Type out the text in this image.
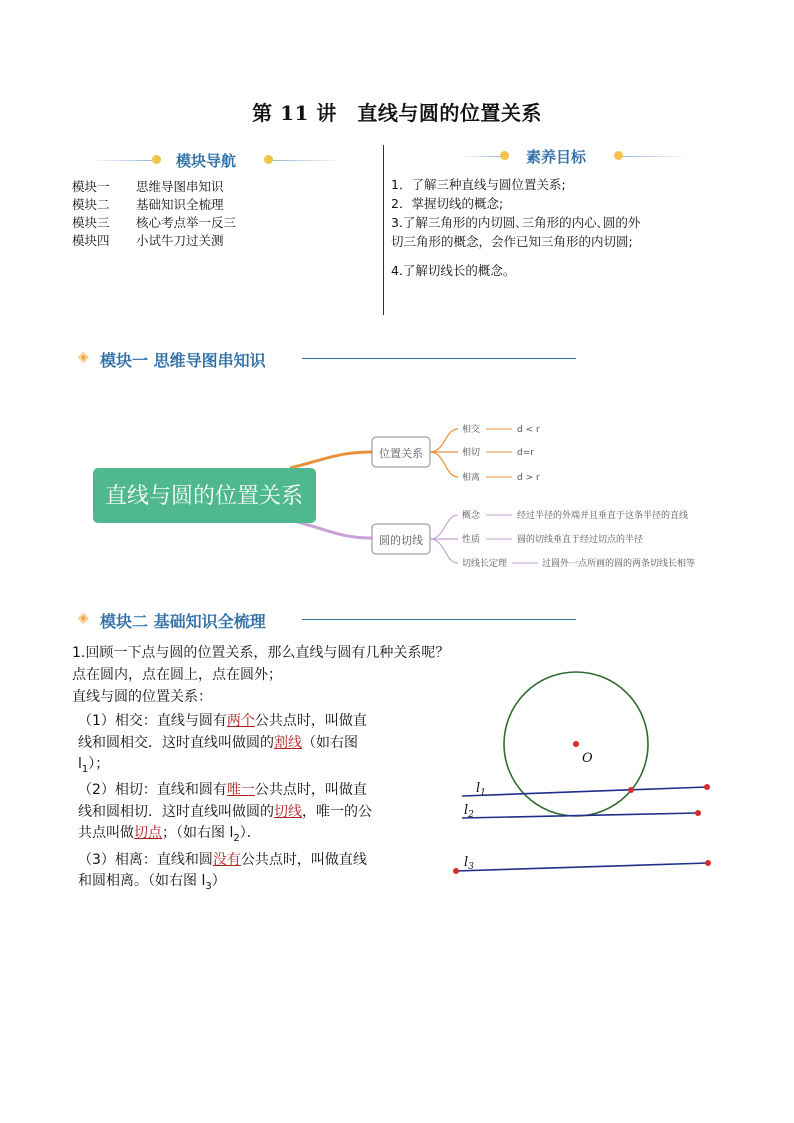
第 11 讲　直线与圆的位置关系
模块导航
模块一	思维导图串知识
模块二	基础知识全梳理
模块三	核心考点举一反三
模块四	小试牛刀过关测
素养目标

1．了解三种直线与圆位置关系;

2．掌握切线的概念;

3.了解三角形的内切圆､三角形的内心､圆的外切三角形的概念，会作已知三角形的内切圆;

4.了解切线长的概念。

◈ 模块一 思维导图串知识
直线与圆的位置关系
位置关系
相交	d < r
相切	d=r
相离	d > r
圆的切线
概念	经过半径的外端并且垂直于这条半径的直线
性质	圆的切线垂直于经过切点的半径
切线长定理	过圆外一点所画的圆的两条切线长相等
◈ 模块二 基础知识全梳理

1.回顾一下点与圆的位置关系，那么直线与圆有几种关系呢？

点在圆内，点在圆上，点在圆外；

直线与圆的位置关系：

（1）相交：直线与圆有两个公共点时，叫做直
线和圆相交．这时直线叫做圆的割线（如右图
$l_1$）；

（2）相切：直线和圆有唯一公共点时，叫做直
线和圆相切．这时直线叫做圆的切线，唯一的公
共点叫做切点；（如右图 $l_2$）．

（3）相离：直线和圆没有公共点时，叫做直线
和圆相离。（如右图 $l_3$）

O
$l_1$
$l_2$
$l_3$
